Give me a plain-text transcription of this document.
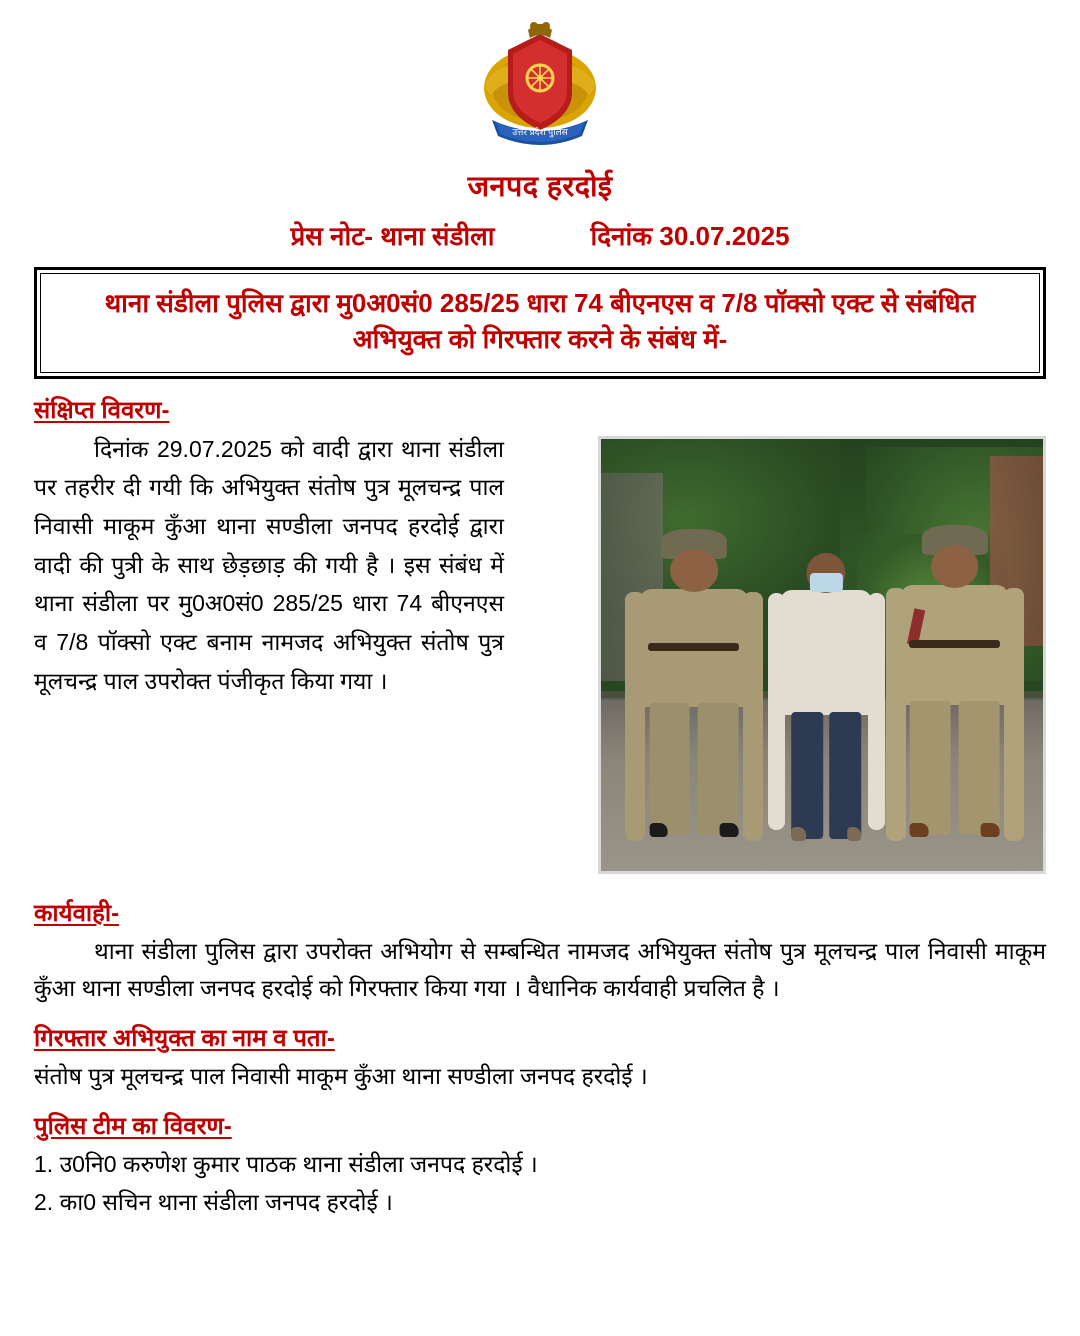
उत्तर प्रदेश पुलिस
जनपद हरदोई
प्रेस नोट- थाना संडीला	दिनांक 30.07.2025
थाना संडीला पुलिस द्वारा मु0अ0सं0 285/25 धारा 74 बीएनएस व 7/8 पॉक्सो एक्ट से संबंधित अभियुक्त को गिरफ्तार करने के संबंध में-
संक्षिप्त विवरण-
दिनांक 29.07.2025 को वादी द्वारा थाना संडीला पर तहरीर दी गयी कि अभियुक्त संतोष पुत्र मूलचन्द्र पाल निवासी माकूम कुँआ थाना सण्डीला जनपद हरदोई द्वारा वादी की पुत्री के साथ छेड़छाड़ की गयी है । इस संबंध में थाना संडीला पर मु0अ0सं0 285/25 धारा 74 बीएनएस व 7/8 पॉक्सो एक्ट बनाम नामजद अभियुक्त संतोष पुत्र मूलचन्द्र पाल उपरोक्त पंजीकृत किया गया ।
कार्यवाही-
थाना संडीला पुलिस द्वारा उपरोक्त अभियोग से सम्बन्धित नामजद अभियुक्त संतोष पुत्र मूलचन्द्र पाल निवासी माकूम कुँआ थाना सण्डीला जनपद हरदोई को गिरफ्तार किया गया । वैधानिक कार्यवाही प्रचलित है ।
गिरफ्तार अभियुक्त का नाम व पता-
संतोष पुत्र मूलचन्द्र पाल निवासी माकूम कुँआ थाना सण्डीला जनपद हरदोई ।
पुलिस टीम का विवरण-
1. उ0नि0 करुणेश कुमार पाठक थाना संडीला जनपद हरदोई ।
2. का0 सचिन थाना संडीला जनपद हरदोई ।
